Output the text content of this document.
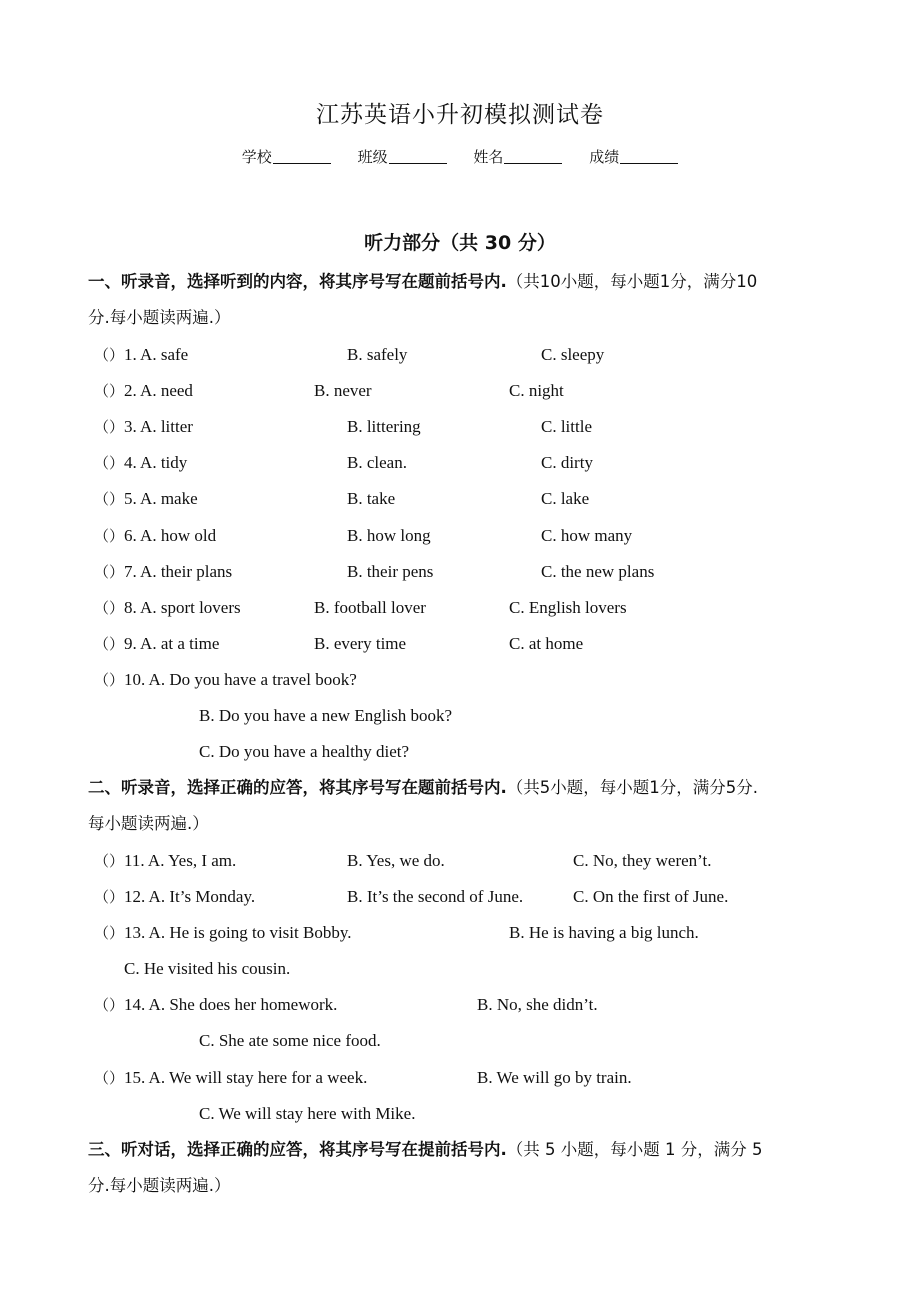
江苏英语小升初模拟测试卷
学校	班级	姓名	成绩
听力部分（共 30 分）
一、听录音，选择听到的内容，将其序号写在题前括号内.（共10小题，每小题1分，满分10
分.每小题读两遍.）
（） 1. A. safe	B. safely	C. sleepy
（） 2. A. need	B. never	C. night
（） 3. A. litter	B. littering	C. little
（） 4. A. tidy	B. clean.	C. dirty
（） 5. A. make	B. take	C. lake
（） 6. A. how old	B. how long	C. how many
（） 7. A. their plans	B. their pens	C. the new plans
（） 8. A. sport lovers	B. football lover	C. English lovers
（） 9. A. at a time	B. every time	C. at home
（） 10. A. Do you have a travel book?
B. Do you have a new English book?
C. Do you have a healthy diet?
二、听录音，选择正确的应答，将其序号写在题前括号内.（共5小题，每小题1分，满分5分.
每小题读两遍.）
（） 11. A. Yes, I am.	B. Yes, we do.	C. No, they weren’t.
（） 12. A. It’s Monday.	B. It’s the second of June.	C. On the first of June.
（） 13. A. He is going to visit Bobby.	B. He is having a big lunch.
C. He visited his cousin.
（） 14. A. She does her homework.	B. No, she didn’t.
C. She ate some nice food.
（） 15. A. We will stay here for a week.	B. We will go by train.
C. We will stay here with Mike.
三、听对话，选择正确的应答，将其序号写在提前括号内.（共 5 小题，每小题 1 分，满分 5
分.每小题读两遍.）
